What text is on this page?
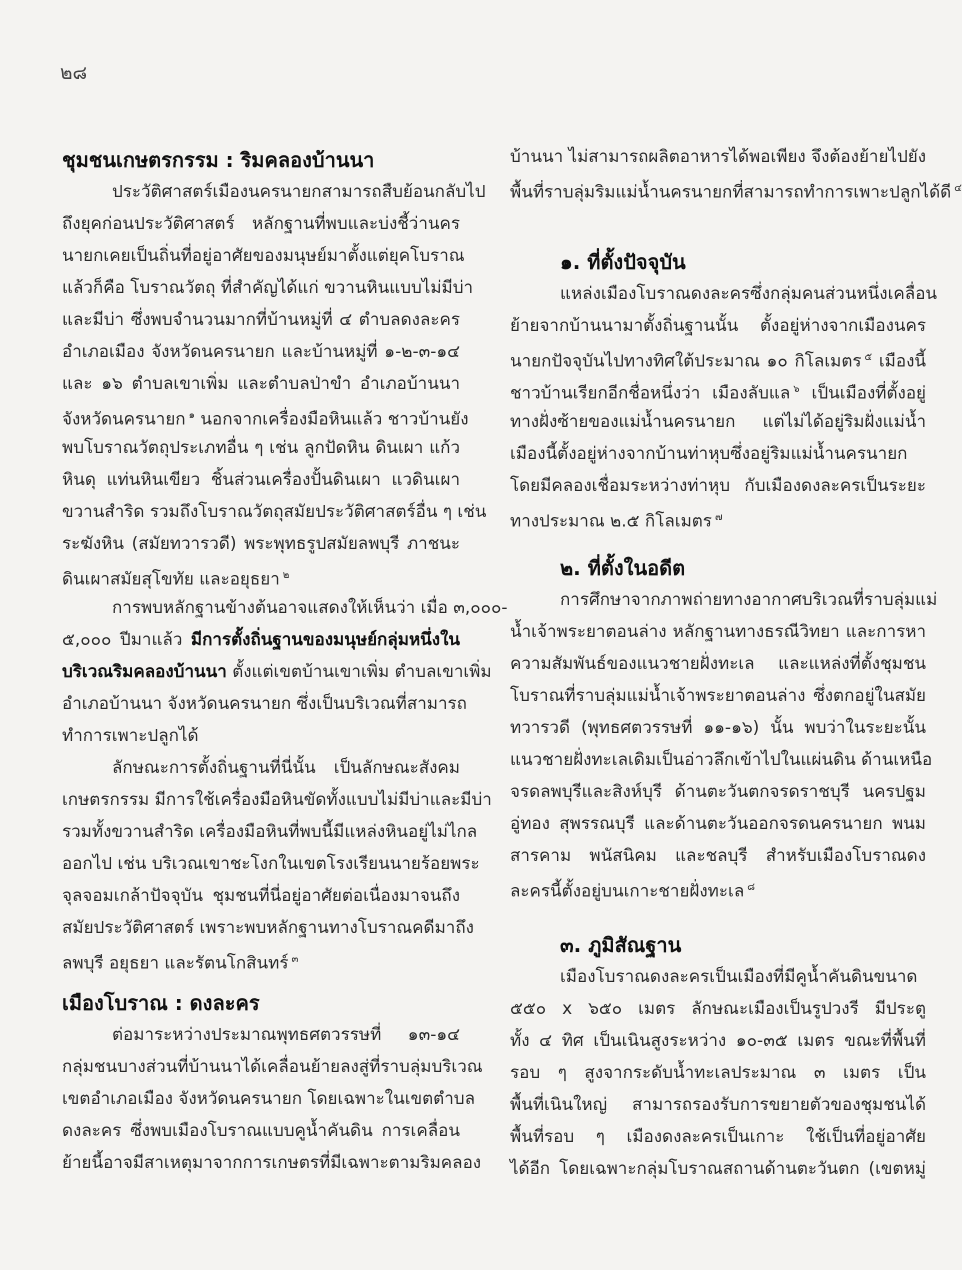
๒๘
ชุมชนเกษตรกรรม : ริมคลองบ้านนา
ประวัติศาสตร์เมืองนครนายกสามารถสืบย้อนกลับไป
ถึงยุคก่อนประวัติศาสตร์ หลักฐานที่พบและบ่งชี้ว่านคร
นายกเคยเป็นถิ่นที่อยู่อาศัยของมนุษย์มาตั้งแต่ยุคโบราณ
แล้วก็คือ โบราณวัตถุ ที่สำคัญได้แก่ ขวานหินแบบไม่มีบ่า
และมีบ่า ซึ่งพบจำนวนมากที่บ้านหมู่ที่ ๔ ตำบลดงละคร
อำเภอเมือง จังหวัดนครนายก และบ้านหมู่ที่ ๑-๒-๓-๑๔
และ ๑๖ ตำบลเขาเพิ่ม และตำบลป่าขำ อำเภอบ้านนา
จังหวัดนครนายก $^๑$ นอกจากเครื่องมือหินแล้ว ชาวบ้านยัง
พบโบราณวัตถุประเภทอื่น ๆ เช่น ลูกปัดหิน ดินเผา แก้ว
หินดุ แท่นหินเขียว ชิ้นส่วนเครื่องปั้นดินเผา แวดินเผา
ขวานสำริด รวมถึงโบราณวัตถุสมัยประวัติศาสตร์อื่น ๆ เช่น
ระฆังหิน (สมัยทวารวดี) พระพุทธรูปสมัยลพบุรี ภาชนะ
ดินเผาสมัยสุโขทัย และอยุธยา $^๒$
การพบหลักฐานข้างต้นอาจแสดงให้เห็นว่า เมื่อ ๓,๐๐๐-
๕,๐๐๐ ปีมาแล้ว มีการตั้งถิ่นฐานของมนุษย์กลุ่มหนึ่งใน
บริเวณริมคลองบ้านนา ตั้งแต่เขตบ้านเขาเพิ่ม ตำบลเขาเพิ่ม
อำเภอบ้านนา จังหวัดนครนายก ซึ่งเป็นบริเวณที่สามารถ
ทำการเพาะปลูกได้
ลักษณะการตั้งถิ่นฐานที่นี่นั้น เป็นลักษณะสังคม
เกษตรกรรม มีการใช้เครื่องมือหินขัดทั้งแบบไม่มีบ่าและมีบ่า
รวมทั้งขวานสำริด เครื่องมือหินที่พบนี้มีแหล่งหินอยู่ไม่ไกล
ออกไป เช่น บริเวณเขาชะโงกในเขตโรงเรียนนายร้อยพระ
จุลจอมเกล้าปัจจุบัน ชุมชนที่นี่อยู่อาศัยต่อเนื่องมาจนถึง
สมัยประวัติศาสตร์ เพราะพบหลักฐานทางโบราณคดีมาถึง
ลพบุรี อยุธยา และรัตนโกสินทร์ $^๓$
เมืองโบราณ : ดงละคร
ต่อมาระหว่างประมาณพุทธศตวรรษที่ ๑๓-๑๔
กลุ่มชนบางส่วนที่บ้านนาได้เคลื่อนย้ายลงสู่ที่ราบลุ่มบริเวณ
เขตอำเภอเมือง จังหวัดนครนายก โดยเฉพาะในเขตตำบล
ดงละคร ซึ่งพบเมืองโบราณแบบคูน้ำคันดิน การเคลื่อน
ย้ายนี้อาจมีสาเหตุมาจากการเกษตรที่มีเฉพาะตามริมคลอง
บ้านนา ไม่สามารถผลิตอาหารได้พอเพียง จึงต้องย้ายไปยัง
พื้นที่ราบลุ่มริมแม่น้ำนครนายกที่สามารถทำการเพาะปลูกได้ดี $^๔$
๑. ที่ตั้งปัจจุบัน
แหล่งเมืองโบราณดงละครซึ่งกลุ่มคนส่วนหนึ่งเคลื่อน
ย้ายจากบ้านนามาตั้งถิ่นฐานนั้น ตั้งอยู่ห่างจากเมืองนคร
นายกปัจจุบันไปทางทิศใต้ประมาณ ๑๐ กิโลเมตร $^๕$ เมืองนี้
ชาวบ้านเรียกอีกชื่อหนึ่งว่า เมืองลับแล $^๖$ เป็นเมืองที่ตั้งอยู่
ทางฝั่งซ้ายของแม่น้ำนครนายก แต่ไม่ได้อยู่ริมฝั่งแม่น้ำ
เมืองนี้ตั้งอยู่ห่างจากบ้านท่าหุบซึ่งอยู่ริมแม่น้ำนครนายก
โดยมีคลองเชื่อมระหว่างท่าหุบ กับเมืองดงละครเป็นระยะ
ทางประมาณ ๒.๕ กิโลเมตร $^๗$
๒. ที่ตั้งในอดีต
การศึกษาจากภาพถ่ายทางอากาศบริเวณที่ราบลุ่มแม่
น้ำเจ้าพระยาตอนล่าง หลักฐานทางธรณีวิทยา และการหา
ความสัมพันธ์ของแนวชายฝั่งทะเล และแหล่งที่ตั้งชุมชน
โบราณที่ราบลุ่มแม่น้ำเจ้าพระยาตอนล่าง ซึ่งตกอยู่ในสมัย
ทวารวดี (พุทธศตวรรษที่ ๑๑-๑๖) นั้น พบว่าในระยะนั้น
แนวชายฝั่งทะเลเดิมเป็นอ่าวลึกเข้าไปในแผ่นดิน ด้านเหนือ
จรดลพบุรีและสิงห์บุรี ด้านตะวันตกจรดราชบุรี นครปฐม
อู่ทอง สุพรรณบุรี และด้านตะวันออกจรดนครนายก พนม
สารคาม พนัสนิคม และชลบุรี สำหรับเมืองโบราณดง
ละครนี้ตั้งอยู่บนเกาะชายฝั่งทะเล $^๘$
๓. ภูมิสัณฐาน
เมืองโบราณดงละครเป็นเมืองที่มีคูน้ำคันดินขนาด
๕๕๐ x ๖๕๐ เมตร ลักษณะเมืองเป็นรูปวงรี มีประตู
ทั้ง ๔ ทิศ เป็นเนินสูงระหว่าง ๑๐-๓๕ เมตร ขณะที่พื้นที่
รอบ ๆ สูงจากระดับน้ำทะเลประมาณ ๓ เมตร เป็น
พื้นที่เนินใหญ่ สามารถรองรับการขยายตัวของชุมชนได้
พื้นที่รอบ ๆ เมืองดงละครเป็นเกาะ ใช้เป็นที่อยู่อาศัย
ได้อีก โดยเฉพาะกลุ่มโบราณสถานด้านตะวันตก (เขตหมู่
